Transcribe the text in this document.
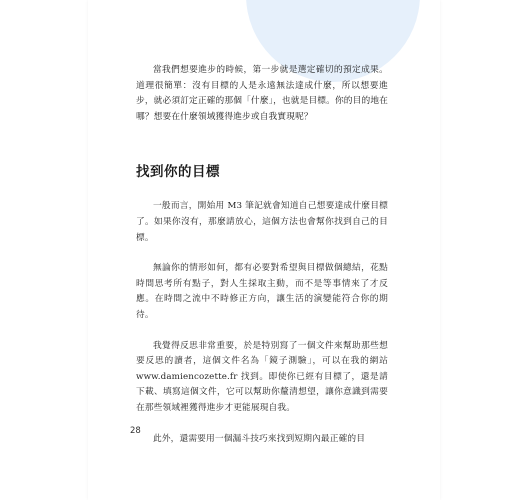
當我們想要進步的時候，第一步就是選定確切的預定成果。道理很簡單：沒有目標的人是永遠無法達成什麼，所以想要進步，就必須訂定正確的那個「什麼」，也就是目標。你的目的地在哪？想要在什麼領域獲得進步或自我實現呢？

找到你的目標

一般而言，開始用 M3 筆記就會知道自己想要達成什麼目標了。如果你沒有，那麼請放心，這個方法也會幫你找到自己的目標。

無論你的情形如何，都有必要對希望與目標做個總結，花點時間思考所有點子，對人生採取主動，而不是等事情來了才反應。在時間之流中不時修正方向，讓生活的演變能符合你的期待。

我覺得反思非常重要，於是特別寫了一個文件來幫助那些想要反思的讀者，這個文件名為「鏡子測驗」，可以在我的網站 www.damiencozette.fr 找到。即使你已經有目標了，還是請下載、填寫這個文件，它可以幫助你釐清想望，讓你意識到需要在那些領域裡獲得進步才更能展現自我。

此外，還需要用一個漏斗技巧來找到短期內最正確的目

28
